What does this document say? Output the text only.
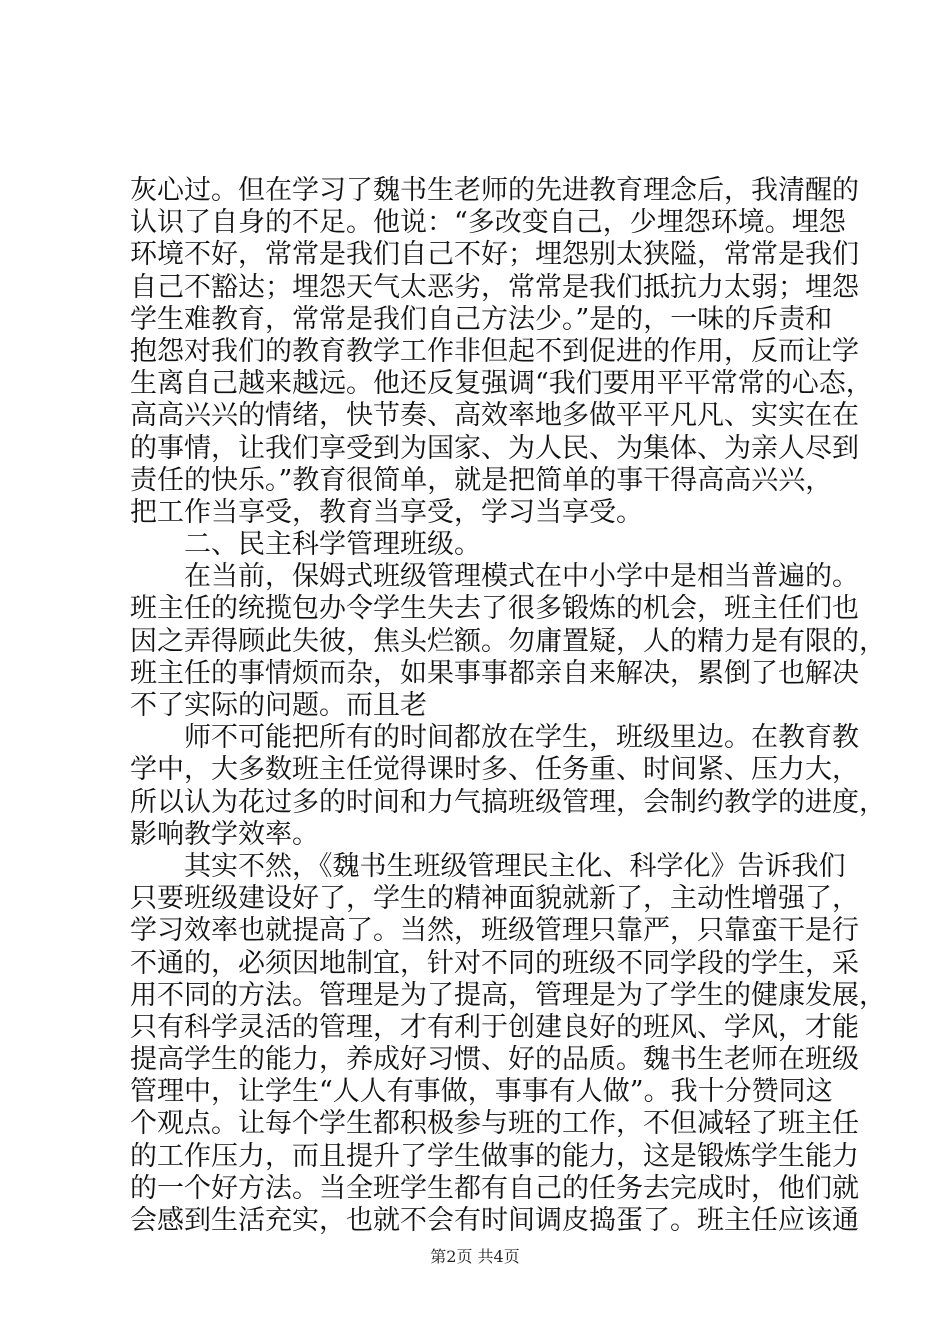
灰心过。但在学习了魏书生老师的先进教育理念后，我清醒的
认识了自身的不足。他说：“多改变自己，少埋怨环境。埋怨
环境不好，常常是我们自己不好；埋怨别太狭隘，常常是我们
自己不豁达；埋怨天气太恶劣，常常是我们抵抗力太弱；埋怨
学生难教育，常常是我们自己方法少。”是的，一味的斥责和
抱怨对我们的教育教学工作非但起不到促进的作用，反而让学
生离自己越来越远。他还反复强调“我们要用平平常常的心态，
高高兴兴的情绪，快节奏、高效率地多做平平凡凡、实实在在
的事情，让我们享受到为国家、为人民、为集体、为亲人尽到
责任的快乐。”教育很简单，就是把简单的事干得高高兴兴，
把工作当享受，教育当享受，学习当享受。
二、民主科学管理班级。
在当前，保姆式班级管理模式在中小学中是相当普遍的。
班主任的统揽包办令学生失去了很多锻炼的机会，班主任们也
因之弄得顾此失彼，焦头烂额。勿庸置疑，人的精力是有限的，
班主任的事情烦而杂，如果事事都亲自来解决，累倒了也解决
不了实际的问题。而且老
师不可能把所有的时间都放在学生，班级里边。在教育教
学中，大多数班主任觉得课时多、任务重、时间紧、压力大，
所以认为花过多的时间和力气搞班级管理，会制约教学的进度，
影响教学效率。
其实不然，《魏书生班级管理民主化、科学化》告诉我们
只要班级建设好了，学生的精神面貌就新了，主动性增强了，
学习效率也就提高了。当然，班级管理只靠严，只靠蛮干是行
不通的，必须因地制宜，针对不同的班级不同学段的学生，采
用不同的方法。管理是为了提高，管理是为了学生的健康发展，
只有科学灵活的管理，才有利于创建良好的班风、学风，才能
提高学生的能力，养成好习惯、好的品质。魏书生老师在班级
管理中，让学生“人人有事做，事事有人做”。我十分赞同这
个观点。让每个学生都积极参与班的工作，不但减轻了班主任
的工作压力，而且提升了学生做事的能力，这是锻炼学生能力
的一个好方法。当全班学生都有自己的任务去完成时，他们就
会感到生活充实，也就不会有时间调皮捣蛋了。班主任应该通
第2页 共4页
